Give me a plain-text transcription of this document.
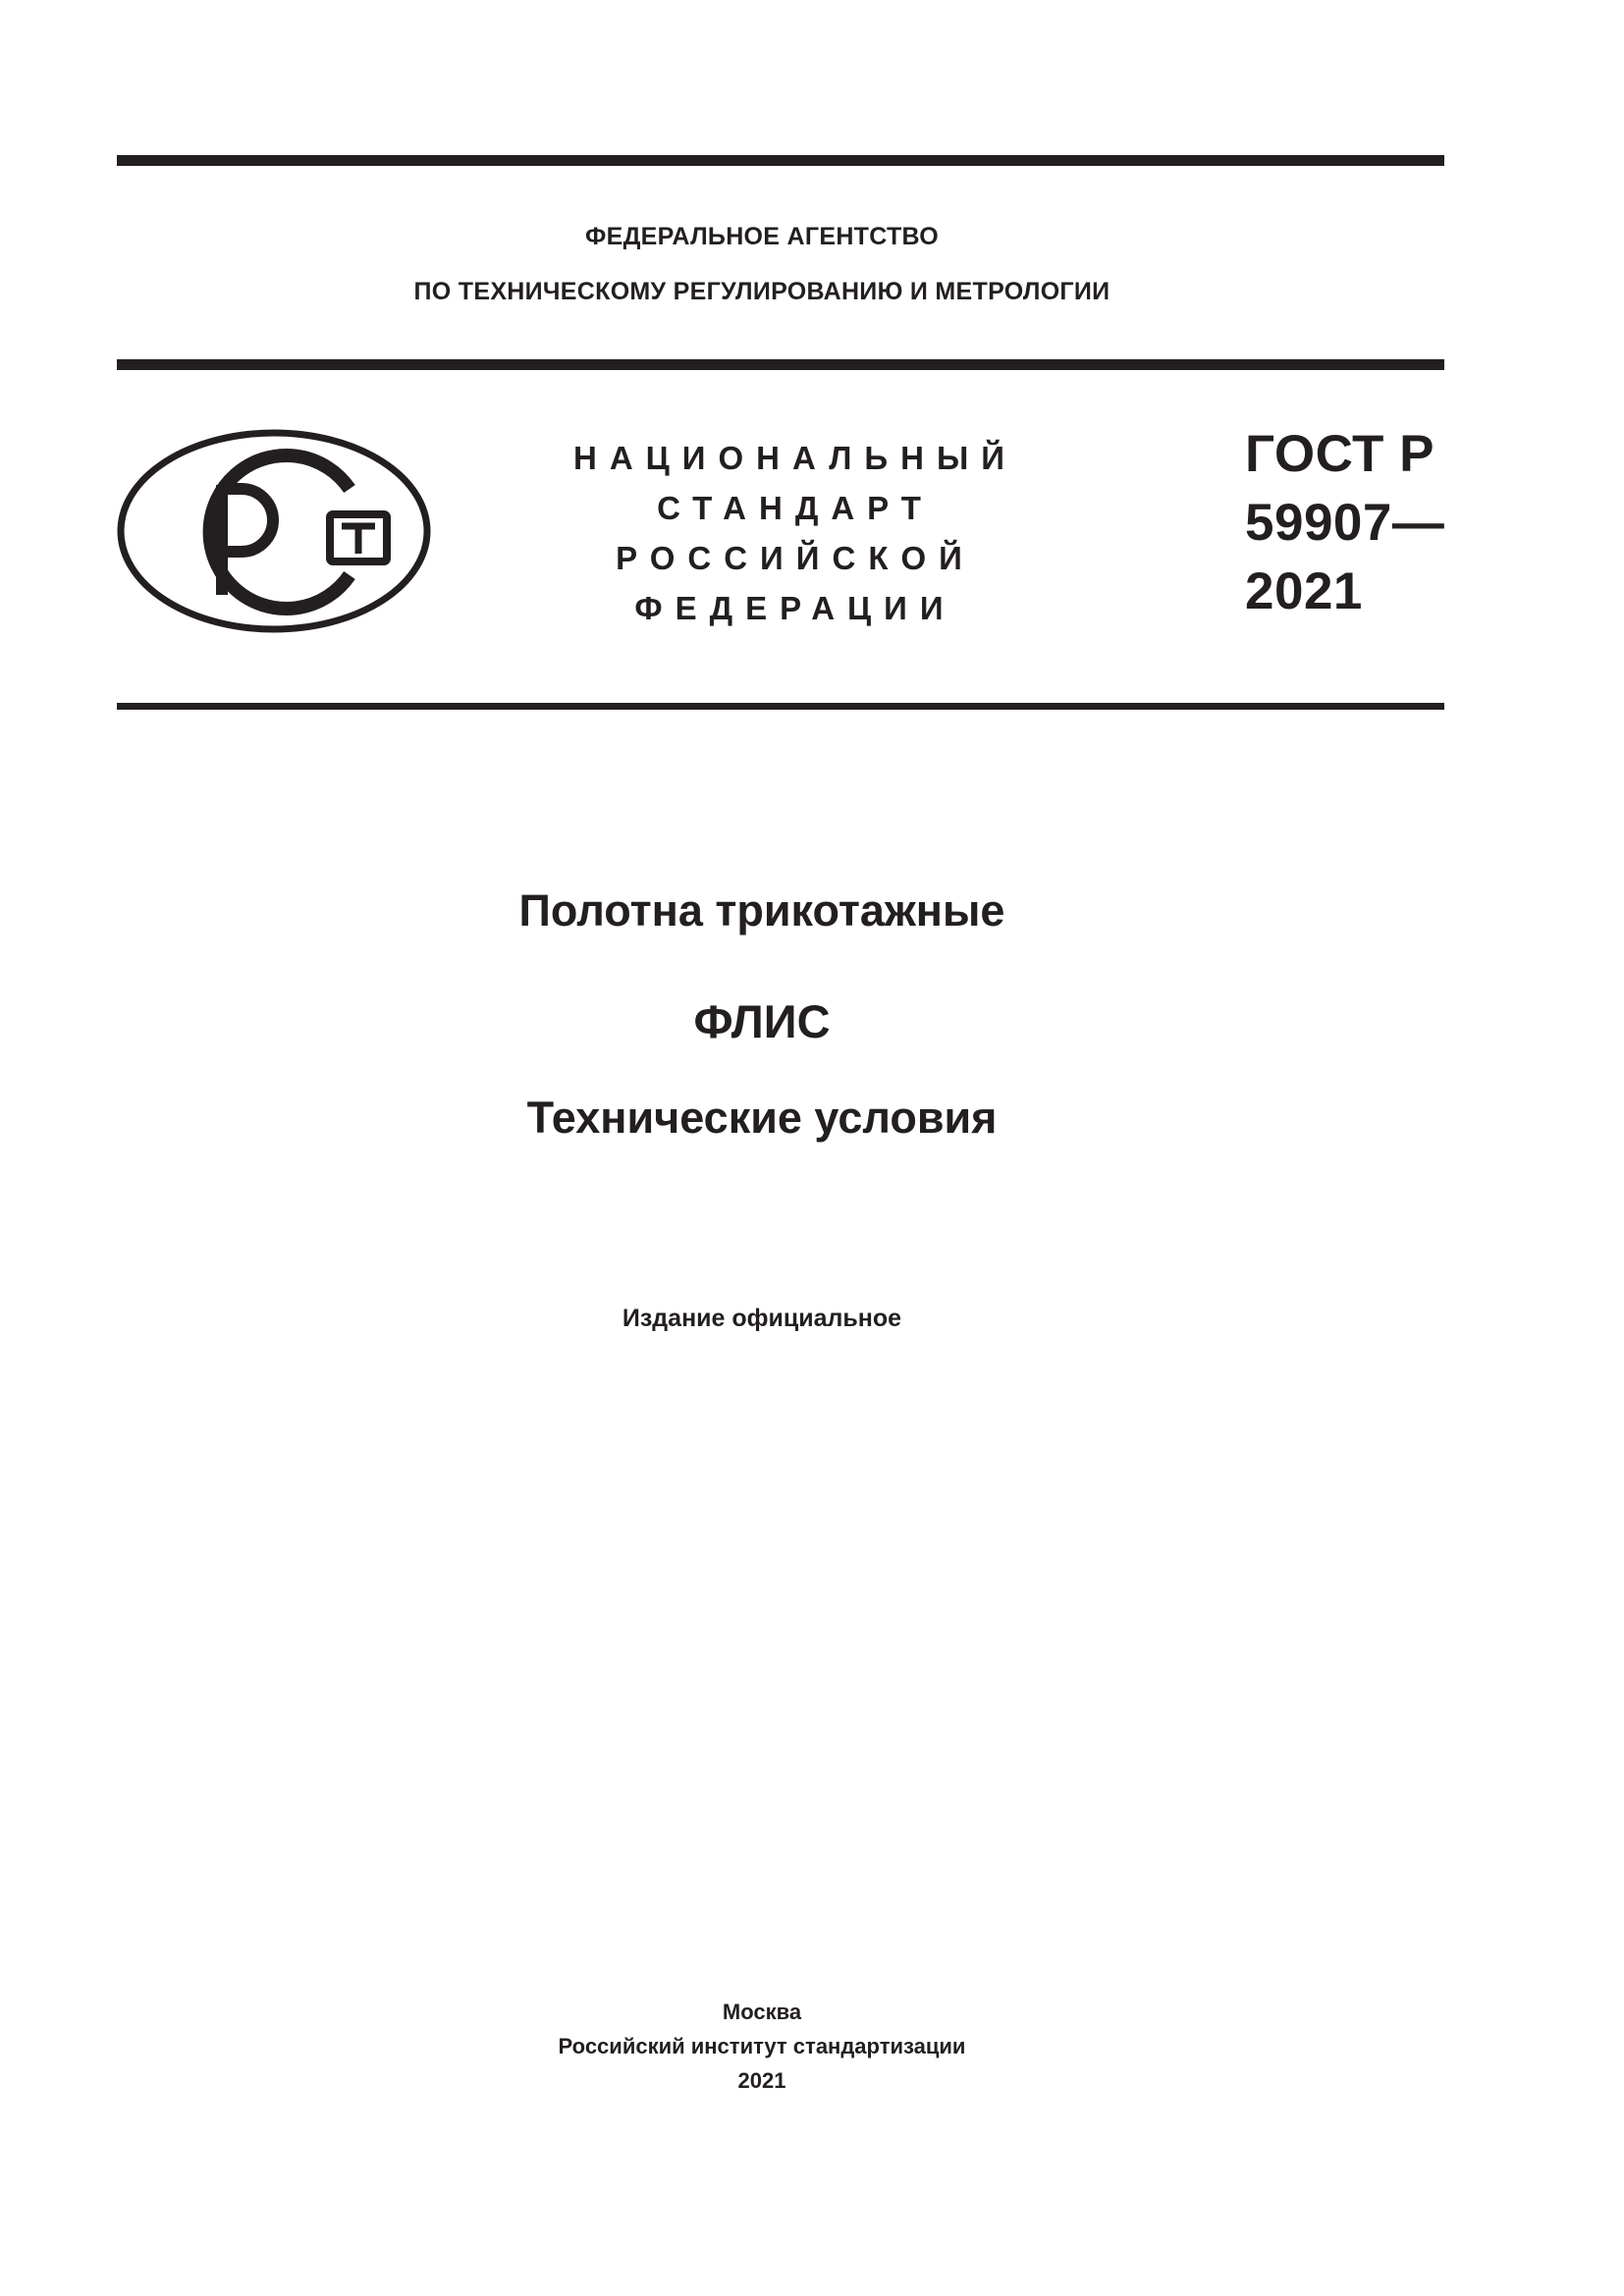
ФЕДЕРАЛЬНОЕ АГЕНТСТВО
ПО ТЕХНИЧЕСКОМУ РЕГУЛИРОВАНИЮ И МЕТРОЛОГИИ
НАЦИОНАЛЬНЫЙ
СТАНДАРТ
РОССИЙСКОЙ
ФЕДЕРАЦИИ
ГОСТ Р
59907—
2021
Полотна трикотажные
ФЛИС
Технические условия
Издание официальное
Москва
Российский институт стандартизации
2021
